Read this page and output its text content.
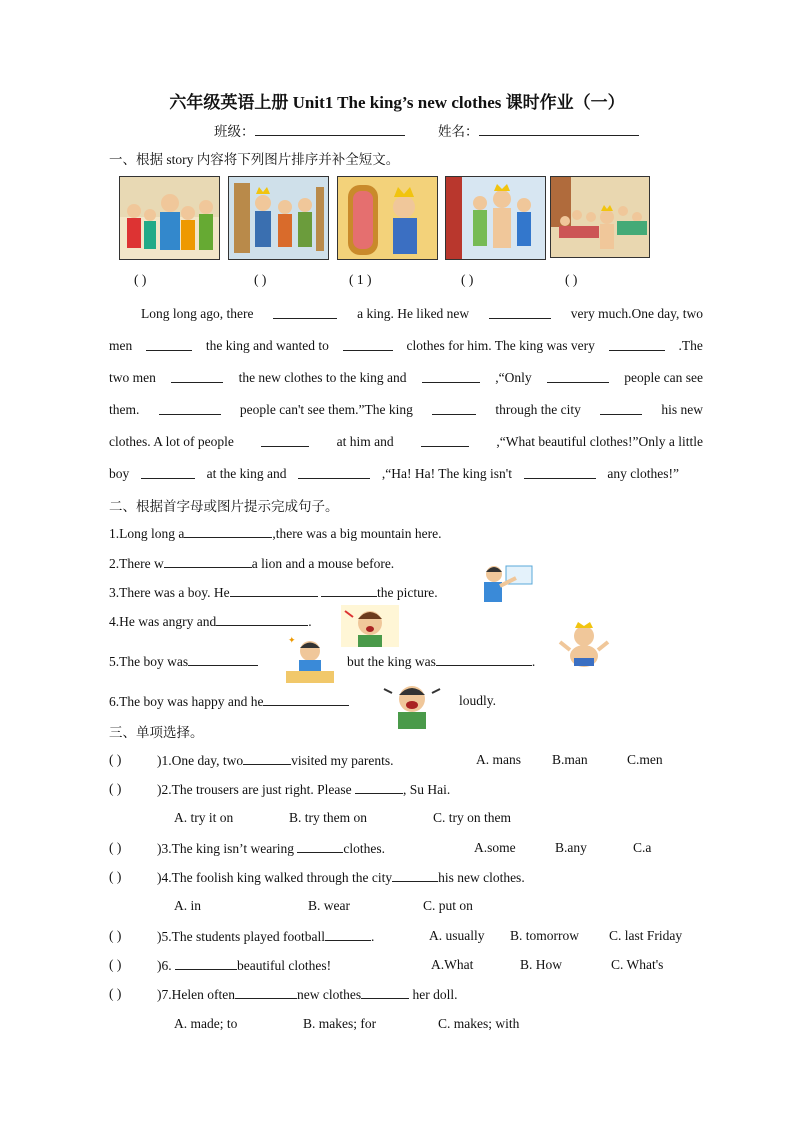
六年级英语上册 Unit1 The king’s new clothes 课时作业（一）
班级：	姓名：
一、根据 story 内容将下列图片排序并补全短文。
( )	( )	( 1 )	( )	( )
Long long ago, there	a king. He liked new	very much.One day, two
men	the king and wanted to	clothes for him. The king was very	.The
two men	the new clothes to the king and	,“Only	people can see
them.	people can't see them.”The king	through the city	his new
clothes. A lot of people	at him and	,“What beautiful clothes!”Only a little
boy	at the king and	,“Ha! Ha! The king isn't	any clothes!”
二、根据首字母或图片提示完成句子。
1.Long long a	,there was a big mountain here.
2.There w	a lion and a mouse before.
3.There was a boy. He	the picture.
4.He was angry and	.
5.The boy was
✦
but the king was	.
6.The boy was happy and he	loudly.
三、单项选择。
( )	)1.One day, two	visited my parents.	A. mans B.man	C.men
( )	)2.The trousers are just right. Please	, Su Hai.
A. try it on	B. try them on	C. try on them
( )	)3.The king isn’t wearing	clothes.	A.some	B.any	C.a
( )	)4.The foolish king walked through the city	his new clothes.
A. in	B. wear	C. put on
( )	)5.The students played football	.	A. usually B. tomorrow C. last Friday
( )	)6.	beautiful clothes!	A.What	B. How	C. What's
( )	)7.Helen often	new clothes	her doll.
A. made; to	B. makes; for	C. makes; with
